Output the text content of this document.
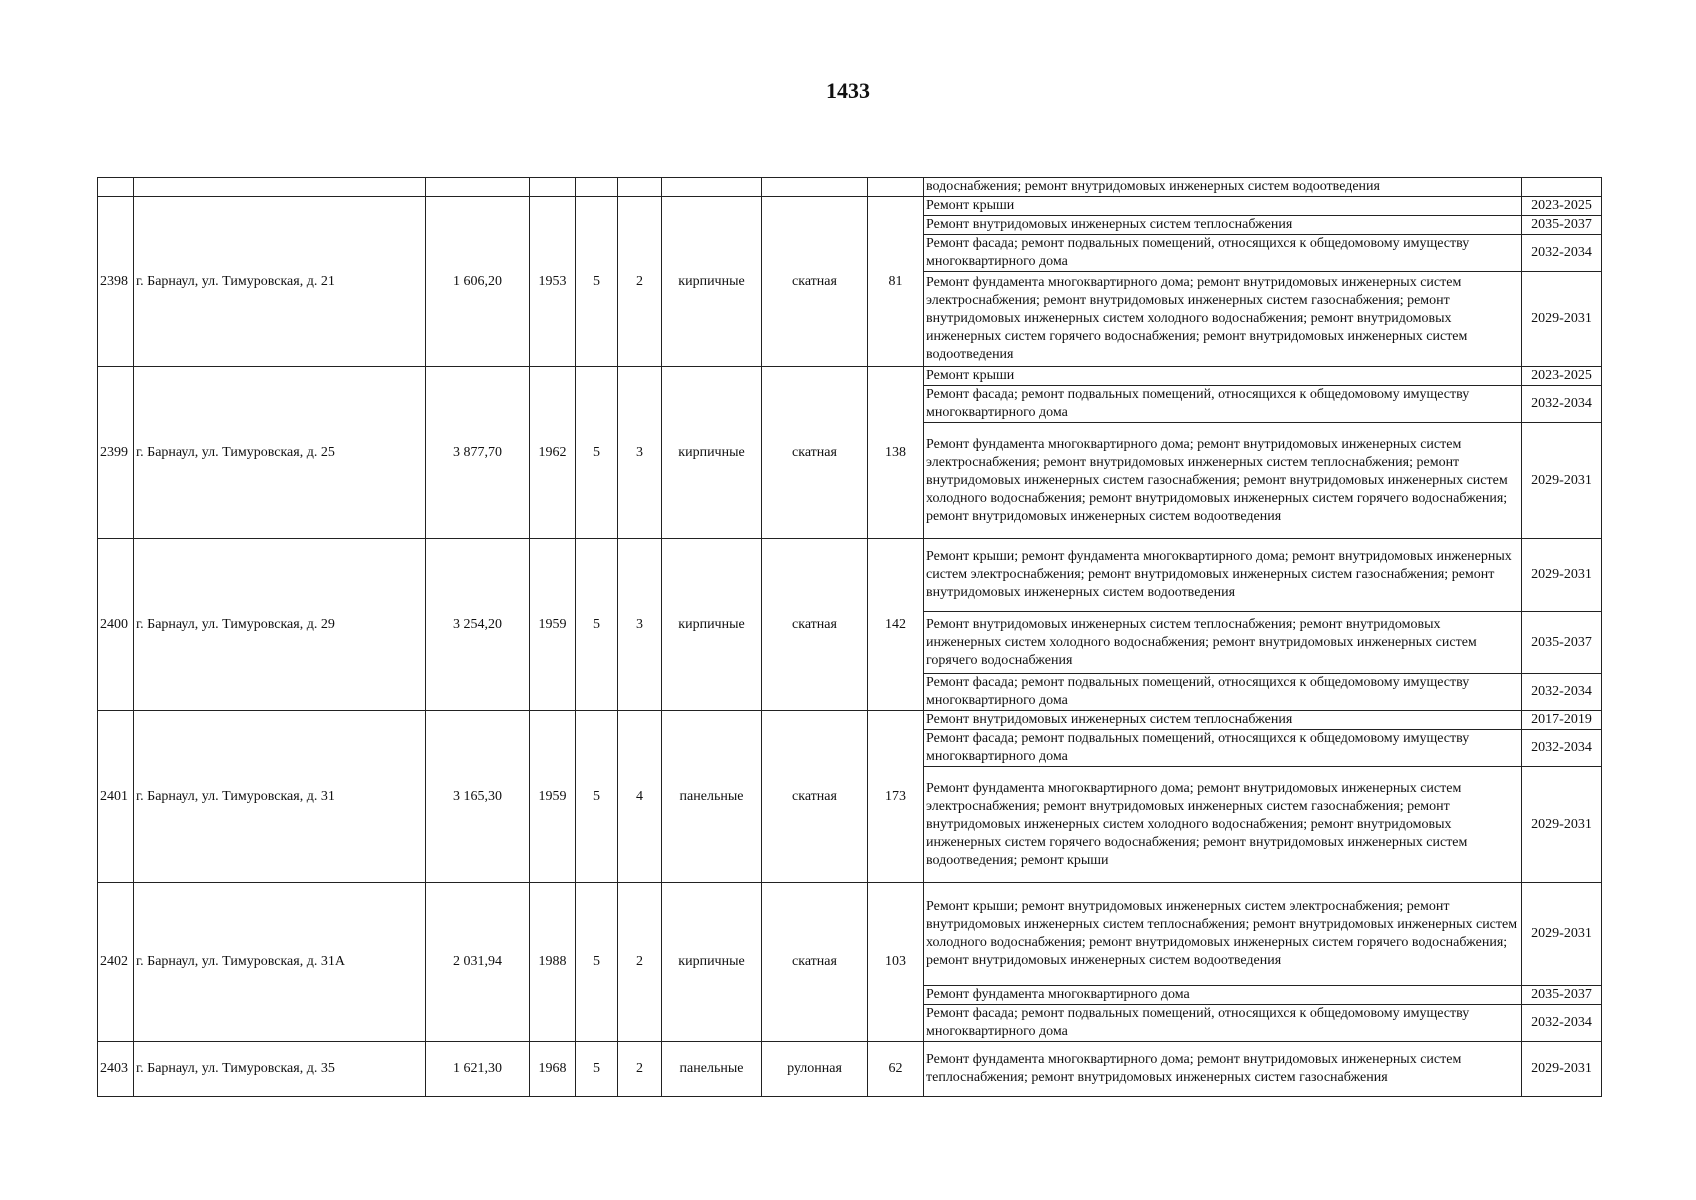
1433
									водоснабжения; ремонт внутридомовых инженерных систем водоотведения	
2398	г. Барнаул, ул. Тимуровская, д. 21	1 606,20	1953	5	2	кирпичные	скатная	81	Ремонт крыши	2023-2025
									Ремонт внутридомовых инженерных систем теплоснабжения	2035-2037
									Ремонт фасада; ремонт подвальных помещений, относящихся к общедомовому имуществу многоквартирного дома	2032-2034
									Ремонт фундамента многоквартирного дома; ремонт внутридомовых инженерных систем электроснабжения; ремонт внутридомовых инженерных систем газоснабжения; ремонт внутридомовых инженерных систем холодного водоснабжения; ремонт внутридомовых инженерных систем горячего водоснабжения; ремонт внутридомовых инженерных систем водоотведения	2029-2031
2399	г. Барнаул, ул. Тимуровская, д. 25	3 877,70	1962	5	3	кирпичные	скатная	138	Ремонт крыши	2023-2025
									Ремонт фасада; ремонт подвальных помещений, относящихся к общедомовому имуществу многоквартирного дома	2032-2034
									Ремонт фундамента многоквартирного дома; ремонт внутридомовых инженерных систем электроснабжения; ремонт внутридомовых инженерных систем теплоснабжения; ремонт внутридомовых инженерных систем газоснабжения; ремонт внутридомовых инженерных систем холодного водоснабжения; ремонт внутридомовых инженерных систем горячего водоснабжения; ремонт внутридомовых инженерных систем водоотведения	2029-2031
2400	г. Барнаул, ул. Тимуровская, д. 29	3 254,20	1959	5	3	кирпичные	скатная	142	Ремонт крыши; ремонт фундамента многоквартирного дома; ремонт внутридомовых инженерных систем электроснабжения; ремонт внутридомовых инженерных систем газоснабжения; ремонт внутридомовых инженерных систем водоотведения	2029-2031
									Ремонт внутридомовых инженерных систем теплоснабжения; ремонт внутридомовых инженерных систем холодного водоснабжения; ремонт внутридомовых инженерных систем горячего водоснабжения	2035-2037
									Ремонт фасада; ремонт подвальных помещений, относящихся к общедомовому имуществу многоквартирного дома	2032-2034
2401	г. Барнаул, ул. Тимуровская, д. 31	3 165,30	1959	5	4	панельные	скатная	173	Ремонт внутридомовых инженерных систем теплоснабжения	2017-2019
									Ремонт фасада; ремонт подвальных помещений, относящихся к общедомовому имуществу многоквартирного дома	2032-2034
									Ремонт фундамента многоквартирного дома; ремонт внутридомовых инженерных систем электроснабжения; ремонт внутридомовых инженерных систем газоснабжения; ремонт внутридомовых инженерных систем холодного водоснабжения; ремонт внутридомовых инженерных систем горячего водоснабжения; ремонт внутридомовых инженерных систем водоотведения; ремонт крыши	2029-2031
2402	г. Барнаул, ул. Тимуровская, д. 31А	2 031,94	1988	5	2	кирпичные	скатная	103	Ремонт крыши; ремонт внутридомовых инженерных систем электроснабжения; ремонт внутридомовых инженерных систем теплоснабжения; ремонт внутридомовых инженерных систем холодного водоснабжения; ремонт внутридомовых инженерных систем горячего водоснабжения; ремонт внутридомовых инженерных систем водоотведения	2029-2031
									Ремонт фундамента многоквартирного дома	2035-2037
									Ремонт фасада; ремонт подвальных помещений, относящихся к общедомовому имуществу многоквартирного дома	2032-2034
2403	г. Барнаул, ул. Тимуровская, д. 35	1 621,30	1968	5	2	панельные	рулонная	62	Ремонт фундамента многоквартирного дома; ремонт внутридомовых инженерных систем теплоснабжения; ремонт внутридомовых инженерных систем газоснабжения	2029-2031
